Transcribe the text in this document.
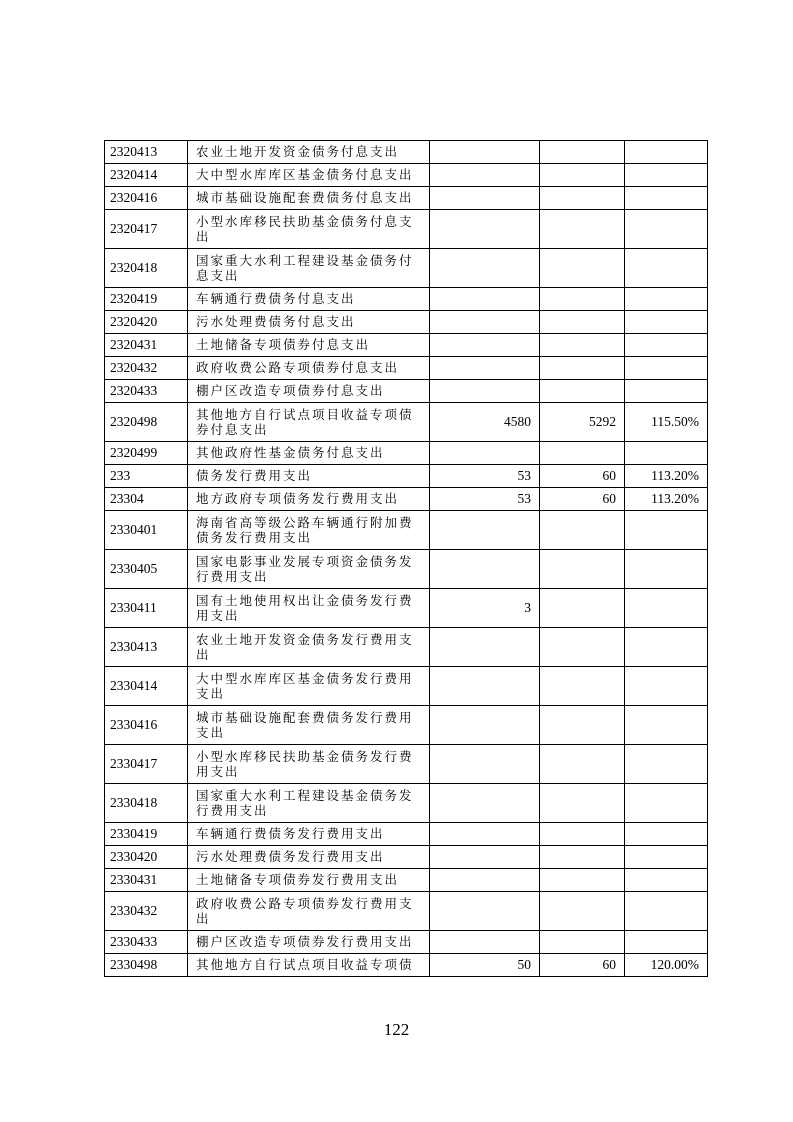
2320413	农业土地开发资金债务付息支出			
2320414	大中型水库库区基金债务付息支出			
2320416	城市基础设施配套费债务付息支出			
2320417	小型水库移民扶助基金债务付息支出			
2320418	国家重大水利工程建设基金债务付息支出			
2320419	车辆通行费债务付息支出			
2320420	污水处理费债务付息支出			
2320431	土地储备专项债券付息支出			
2320432	政府收费公路专项债券付息支出			
2320433	棚户区改造专项债券付息支出			
2320498	其他地方自行试点项目收益专项债券付息支出	4580	5292	115.50%
2320499	其他政府性基金债务付息支出			
233	债务发行费用支出	53	60	113.20%
23304	地方政府专项债务发行费用支出	53	60	113.20%
2330401	海南省高等级公路车辆通行附加费债务发行费用支出			
2330405	国家电影事业发展专项资金债务发行费用支出			
2330411	国有土地使用权出让金债务发行费用支出	3		
2330413	农业土地开发资金债务发行费用支出			
2330414	大中型水库库区基金债务发行费用支出			
2330416	城市基础设施配套费债务发行费用支出			
2330417	小型水库移民扶助基金债务发行费用支出			
2330418	国家重大水利工程建设基金债务发行费用支出			
2330419	车辆通行费债务发行费用支出			
2330420	污水处理费债务发行费用支出			
2330431	土地储备专项债券发行费用支出			
2330432	政府收费公路专项债券发行费用支出			
2330433	棚户区改造专项债券发行费用支出			
2330498	其他地方自行试点项目收益专项债	50	60	120.00%
122
